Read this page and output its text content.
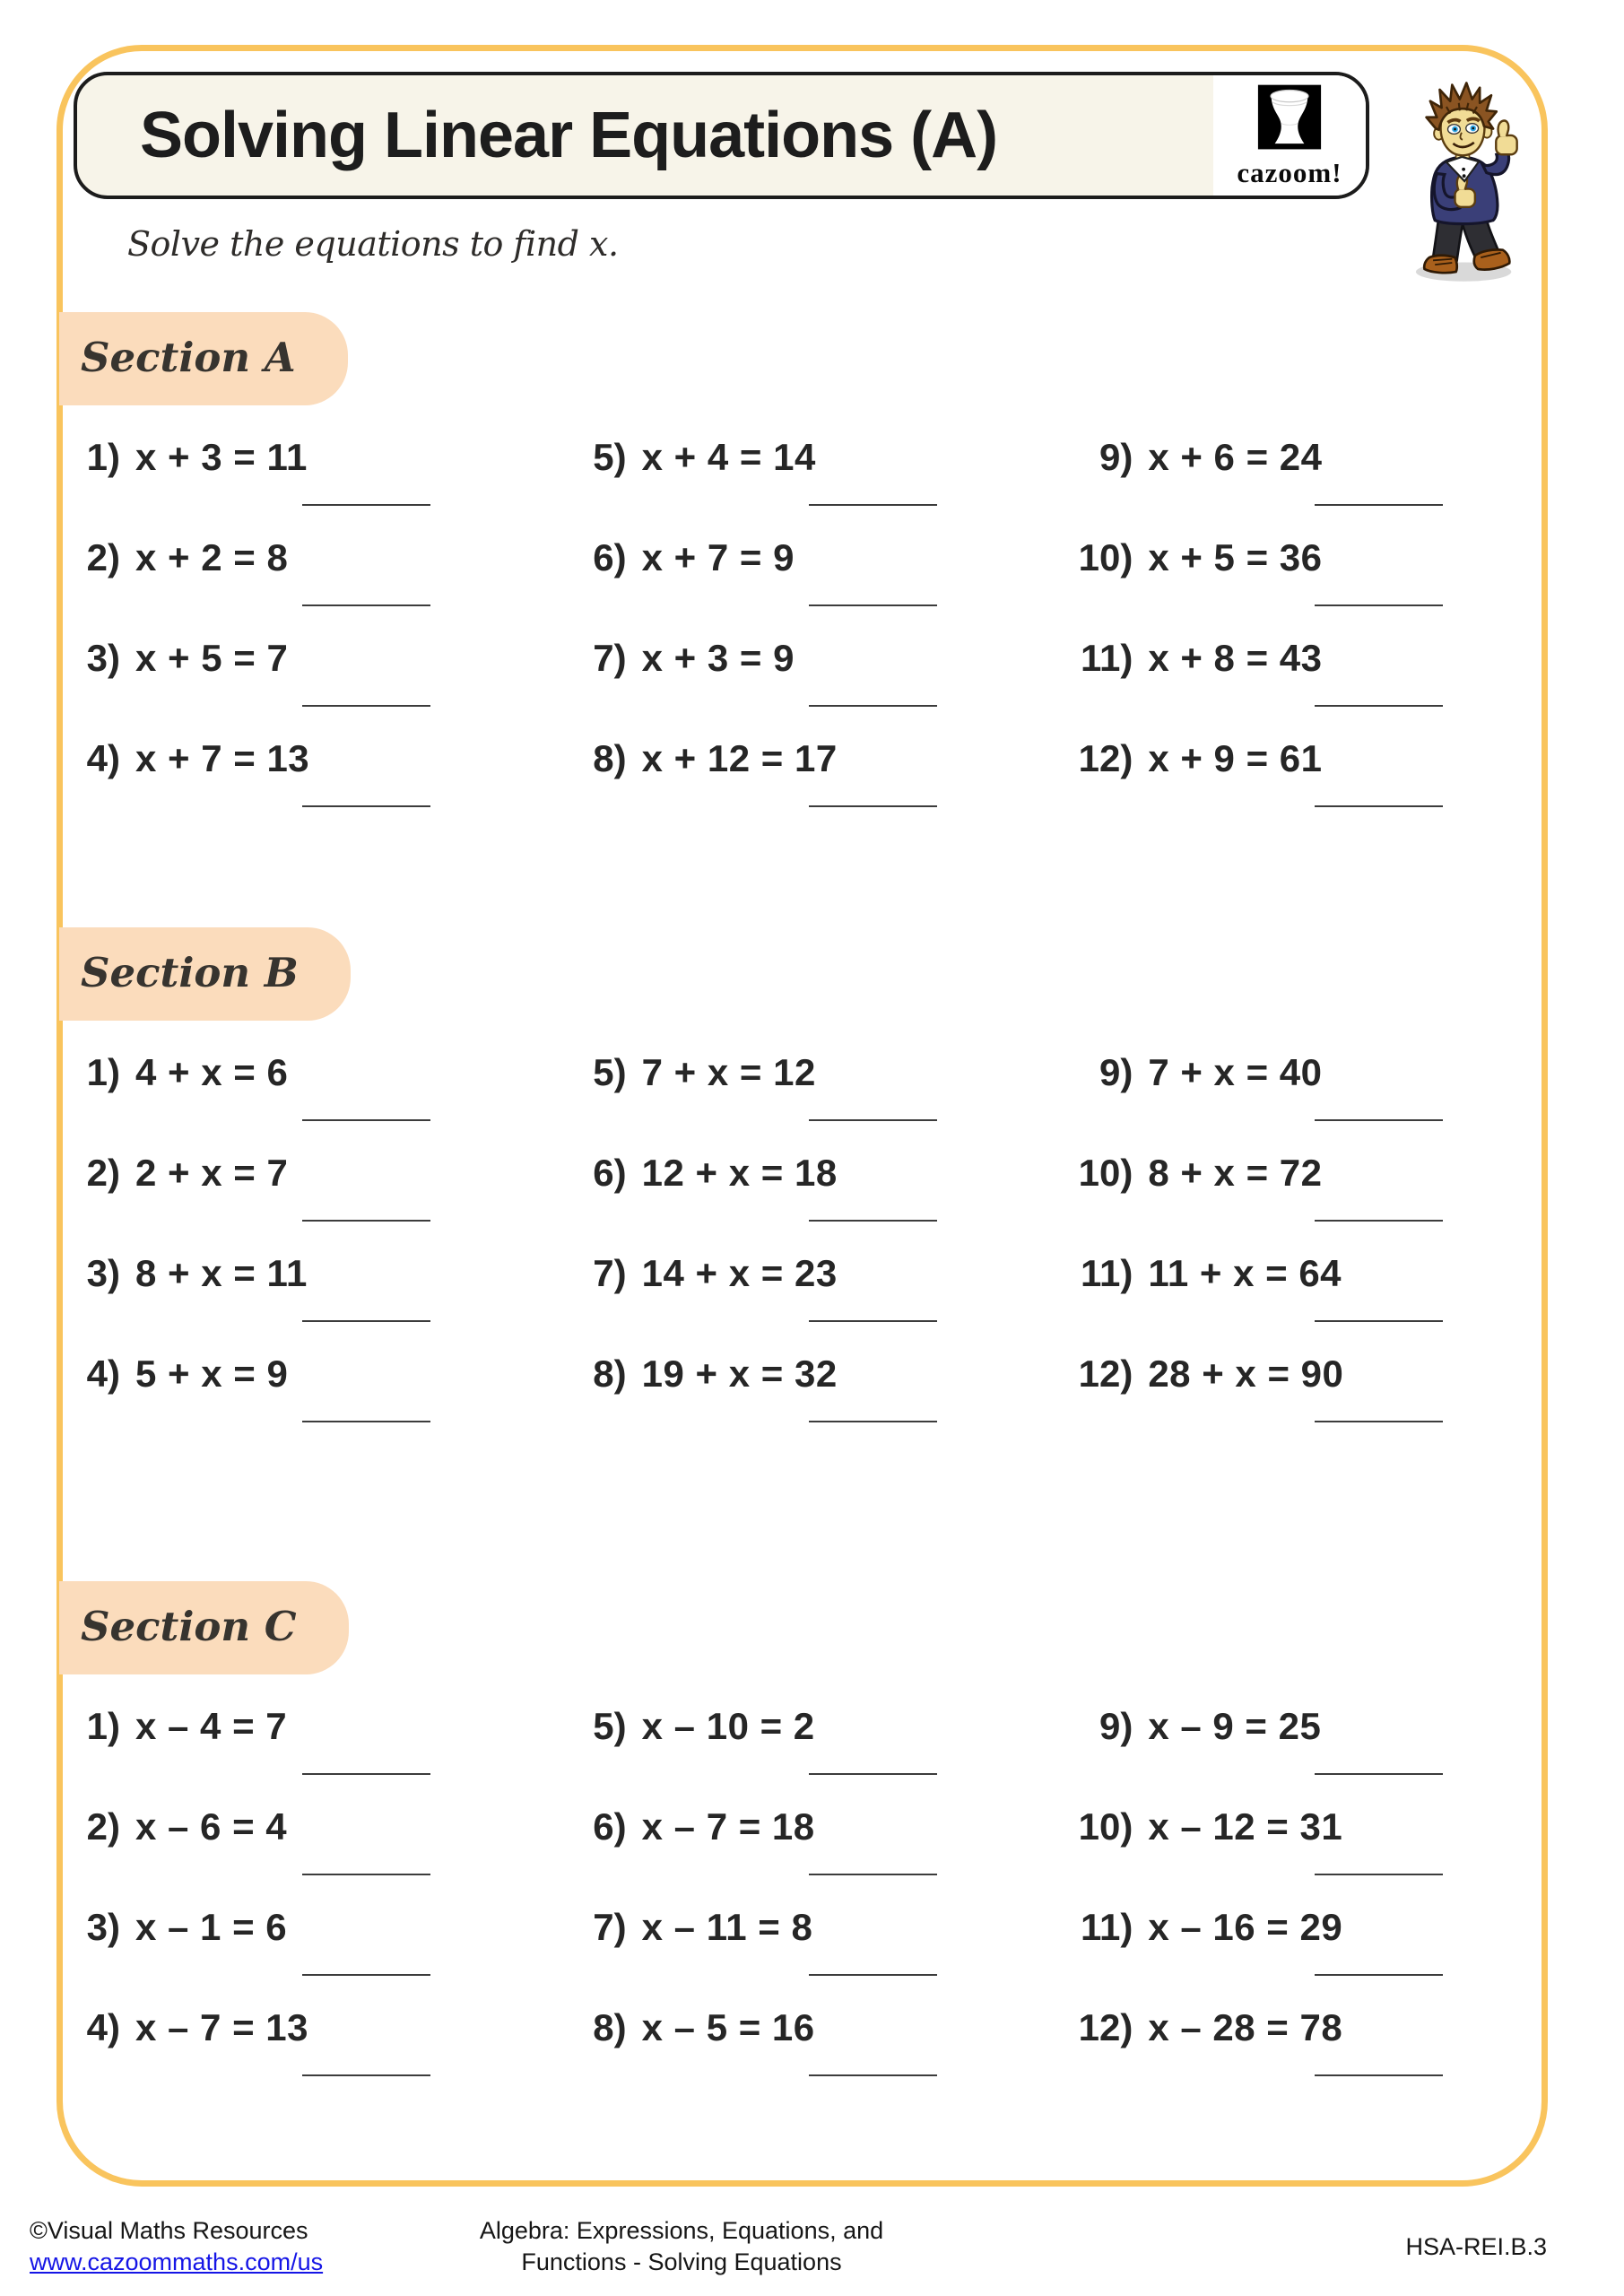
Solving Linear Equations (A)
cazoom!
Solve the equations to find x.
Section A
1) x + 3 = 11
2) x + 2 = 8
3) x + 5 = 7
4) x + 7 = 13
5) x + 4 = 14
6) x + 7 = 9
7) x + 3 = 9
8) x + 12 = 17
9) x + 6 = 24
10) x + 5 = 36
11) x + 8 = 43
12) x + 9 = 61
Section B
1) 4 + x = 6
2) 2 + x = 7
3) 8 + x = 11
4) 5 + x = 9
5) 7 + x = 12
6) 12 + x = 18
7) 14 + x = 23
8) 19 + x = 32
9) 7 + x = 40
10) 8 + x = 72
11) 11 + x = 64
12) 28 + x = 90
Section C
1) x – 4 = 7
2) x – 6 = 4
3) x – 1 = 6
4) x – 7 = 13
5) x – 10 = 2
6) x – 7 = 18
7) x – 11 = 8
8) x – 5 = 16
9) x – 9 = 25
10) x – 12 = 31
11) x – 16 = 29
12) x – 28 = 78
©Visual Maths Resources
www.cazoommaths.com/us
Algebra: Expressions, Equations, and
Functions - Solving Equations
HSA-REI.B.3
